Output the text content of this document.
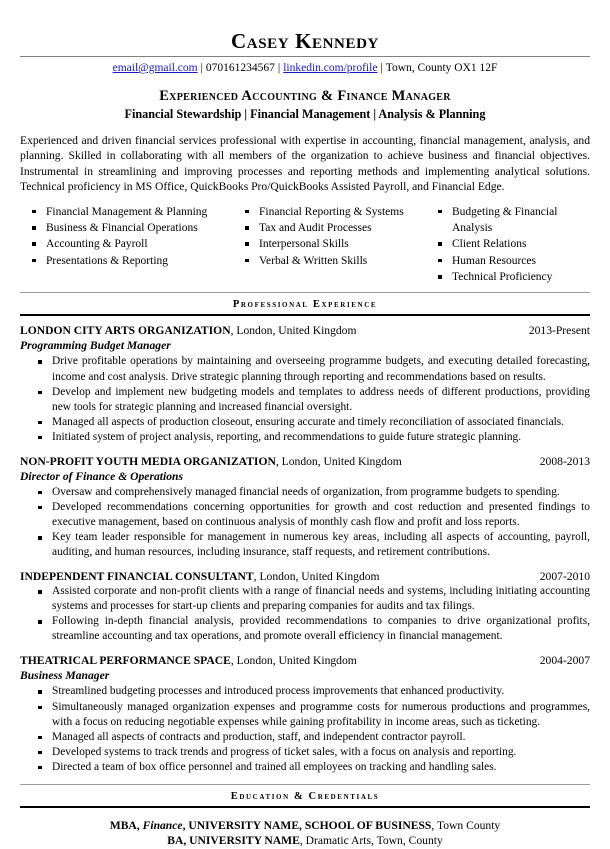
Casey Kennedy
email@gmail.com | 070161234567 | linkedin.com/profile | Town, County OX1 12F
Experienced Accounting & Finance Manager
Financial Stewardship | Financial Management | Analysis & Planning
Experienced and driven financial services professional with expertise in accounting, financial management, analysis, and planning. Skilled in collaborating with all members of the organization to achieve business and financial objectives. Instrumental in streamlining and improving processes and reporting methods and implementing analytical solutions. Technical proficiency in MS Office, QuickBooks Pro/QuickBooks Assisted Payroll, and Financial Edge.
Financial Management & Planning
Business & Financial Operations
Accounting & Payroll
Presentations & Reporting
Financial Reporting & Systems
Tax and Audit Processes
Interpersonal Skills
Verbal & Written Skills
Budgeting & Financial Analysis
Client Relations
Human Resources
Technical Proficiency
Professional Experience
LONDON CITY ARTS ORGANIZATION, London, United Kingdom	2013-Present
Programming Budget Manager
Drive profitable operations by maintaining and overseeing programme budgets, and executing detailed forecasting, income and cost analysis. Drive strategic planning through reporting and recommendations based on results.
Develop and implement new budgeting models and templates to address needs of different productions, providing new tools for strategic planning and increased financial oversight.
Managed all aspects of production closeout, ensuring accurate and timely reconciliation of associated financials.
Initiated system of project analysis, reporting, and recommendations to guide future strategic planning.
NON-PROFIT YOUTH MEDIA ORGANIZATION, London, United Kingdom	2008-2013
Director of Finance & Operations
Oversaw and comprehensively managed financial needs of organization, from programme budgets to spending.
Developed recommendations concerning opportunities for growth and cost reduction and presented findings to executive management, based on continuous analysis of monthly cash flow and profit and loss reports.
Key team leader responsible for management in numerous key areas, including all aspects of accounting, payroll, auditing, and human resources, including insurance, staff requests, and retirement contributions.
INDEPENDENT FINANCIAL CONSULTANT, London, United Kingdom	2007-2010
Assisted corporate and non-profit clients with a range of financial needs and systems, including initiating accounting systems and processes for start-up clients and preparing companies for audits and tax filings.
Following in-depth financial analysis, provided recommendations to companies to drive organizational profits, streamline accounting and tax operations, and promote overall efficiency in financial management.
THEATRICAL PERFORMANCE SPACE, London, United Kingdom	2004-2007
Business Manager
Streamlined budgeting processes and introduced process improvements that enhanced productivity.
Simultaneously managed organization expenses and programme costs for numerous productions and programmes, with a focus on reducing negotiable expenses while gaining profitability in income areas, such as ticketing.
Managed all aspects of contracts and production, staff, and independent contractor payroll.
Developed systems to track trends and progress of ticket sales, with a focus on analysis and reporting.
Directed a team of box office personnel and trained all employees on tracking and handling sales.
Education & Credentials
MBA, Finance, UNIVERSITY NAME, SCHOOL OF BUSINESS, Town County
BA, UNIVERSITY NAME, Dramatic Arts, Town, County
